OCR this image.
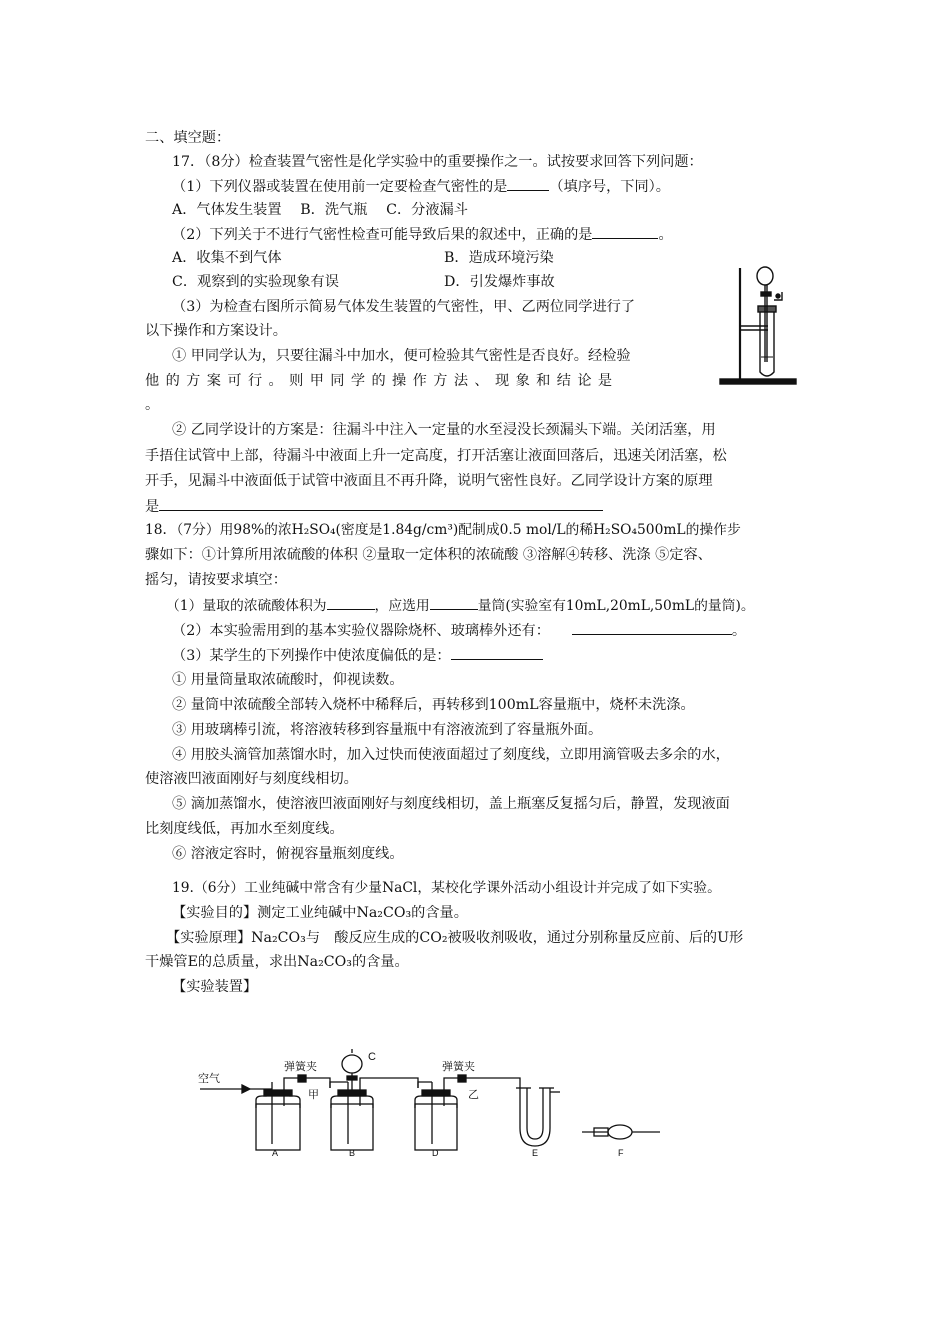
二、填空题：
17．（8分）检查装置气密性是化学实验中的重要操作之一。试按要求回答下列问题：
（1）下列仪器或装置在使用前一定要检查气密性的是	（填序号，下同）。
A．气体发生装置　 B．洗气瓶　 C．分液漏斗
（2）下列关于不进行气密性检查可能导致后果的叙述中，正确的是	。
A．收集不到气体	B．造成环境污染
C．观察到的实验现象有误	D．引发爆炸事故
（3）为检查右图所示简易气体发生装置的气密性，甲、乙两位同学进行了
以下操作和方案设计。
① 甲同学认为，只要往漏斗中加水，便可检验其气密性是否良好。经检验
他的方案可行。则甲同学的操作方法、现象和结论是
。
② 乙同学设计的方案是：往漏斗中注入一定量的水至浸没长颈漏头下端。关闭活塞，用
手捂住试管中上部，待漏斗中液面上升一定高度，打开活塞让液面回落后，迅速关闭活塞，松
开手，见漏斗中液面低于试管中液面且不再升降，说明气密性良好。乙同学设计方案的原理
是
18．（7分）用98%的浓H₂SO₄(密度是1.84g/cm³)配制成0.5 mol/L的稀H₂SO₄500mL的操作步
骤如下：①计算所用浓硫酸的体积 ②量取一定体积的浓硫酸 ③溶解④转移、洗涤 ⑤定容、
摇匀，请按要求填空：
（1）量取的浓硫酸体积为	，应选用	量筒(实验室有10mL,20mL,50mL的量筒)。
（2）本实验需用到的基本实验仪器除烧杯、玻璃棒外还有：	。
（3）某学生的下列操作中使浓度偏低的是：
① 用量筒量取浓硫酸时，仰视读数。
② 量筒中浓硫酸全部转入烧杯中稀释后，再转移到100mL容量瓶中，烧杯未洗涤。
③ 用玻璃棒引流，将溶液转移到容量瓶中有溶液流到了容量瓶外面。
④ 用胶头滴管加蒸馏水时，加入过快而使液面超过了刻度线，立即用滴管吸去多余的水，
使溶液凹液面刚好与刻度线相切。
⑤ 滴加蒸馏水，使溶液凹液面刚好与刻度线相切，盖上瓶塞反复摇匀后，静置，发现液面
比刻度线低，再加水至刻度线。
⑥ 溶液定容时，俯视容量瓶刻度线。
19.（6分）工业纯碱中常含有少量NaCl，某校化学课外活动小组设计并完成了如下实验。
【实验目的】测定工业纯碱中Na₂CO₃的含量。
【实验原理】Na₂CO₃与　酸反应生成的CO₂被吸收剂吸收，通过分别称量反应前、后的U形
干燥管E的总质量，求出Na₂CO₃的含量。
【实验装置】
空气
弹簧夹
甲
C
弹簧夹
乙
A	B	D	E	F
